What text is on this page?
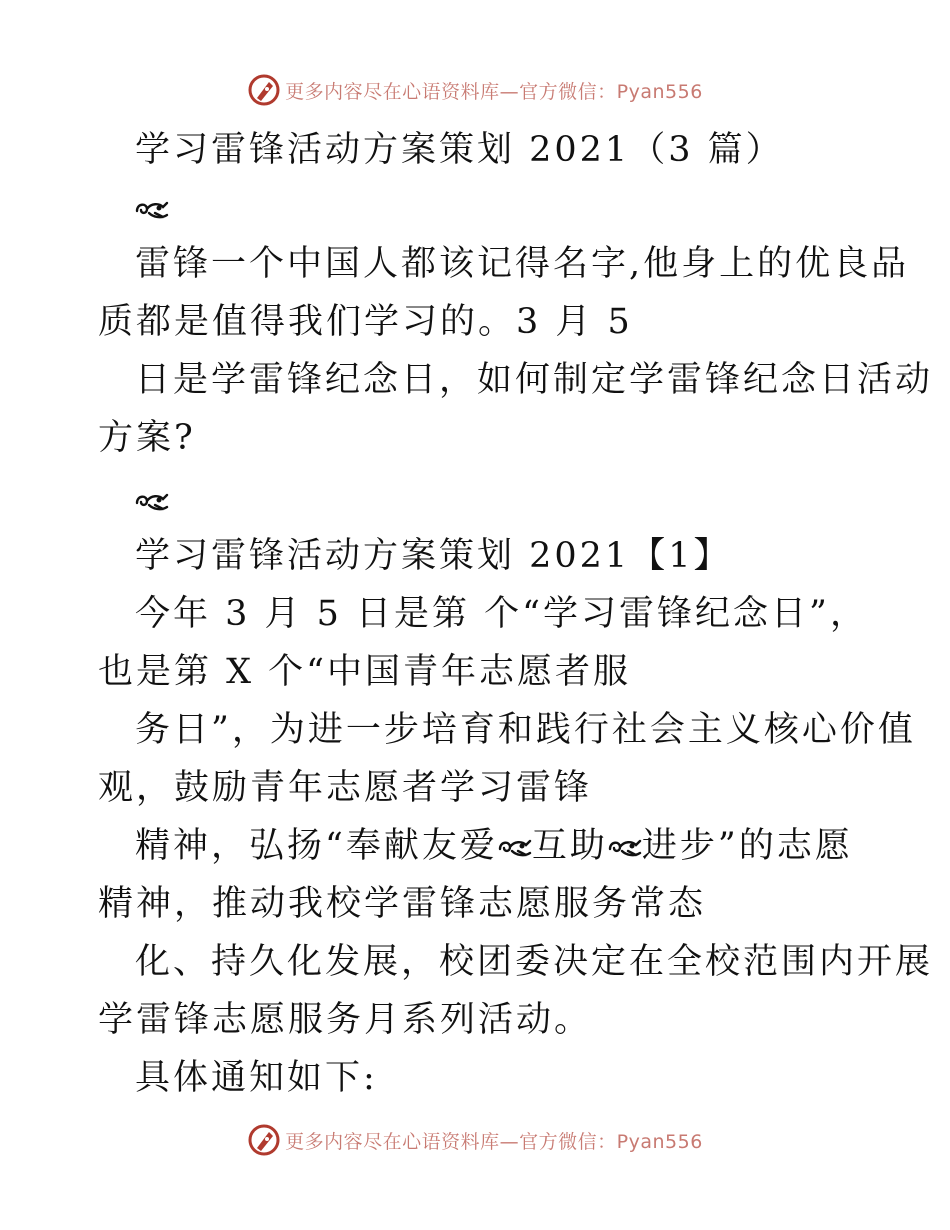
更多内容尽在心语资料库—官方微信：Pyan556
学习雷锋活动方案策划 2021（3 篇）
雷锋一个中国人都该记得名字,他身上的优良品
质都是值得我们学习的。3 月 5
日是学雷锋纪念日，如何制定学雷锋纪念日活动
方案?
学习雷锋活动方案策划 2021【1】
今年 3 月 5 日是第 个“学习雷锋纪念日”，
也是第 X 个“中国青年志愿者服
务日”，为进一步培育和践行社会主义核心价值
观，鼓励青年志愿者学习雷锋
精神，弘扬“奉献友爱 互助 进步”的志愿
精神，推动我校学雷锋志愿服务常态
化、持久化发展，校团委决定在全校范围内开展
学雷锋志愿服务月系列活动。
具体通知如下:
更多内容尽在心语资料库—官方微信：Pyan556
